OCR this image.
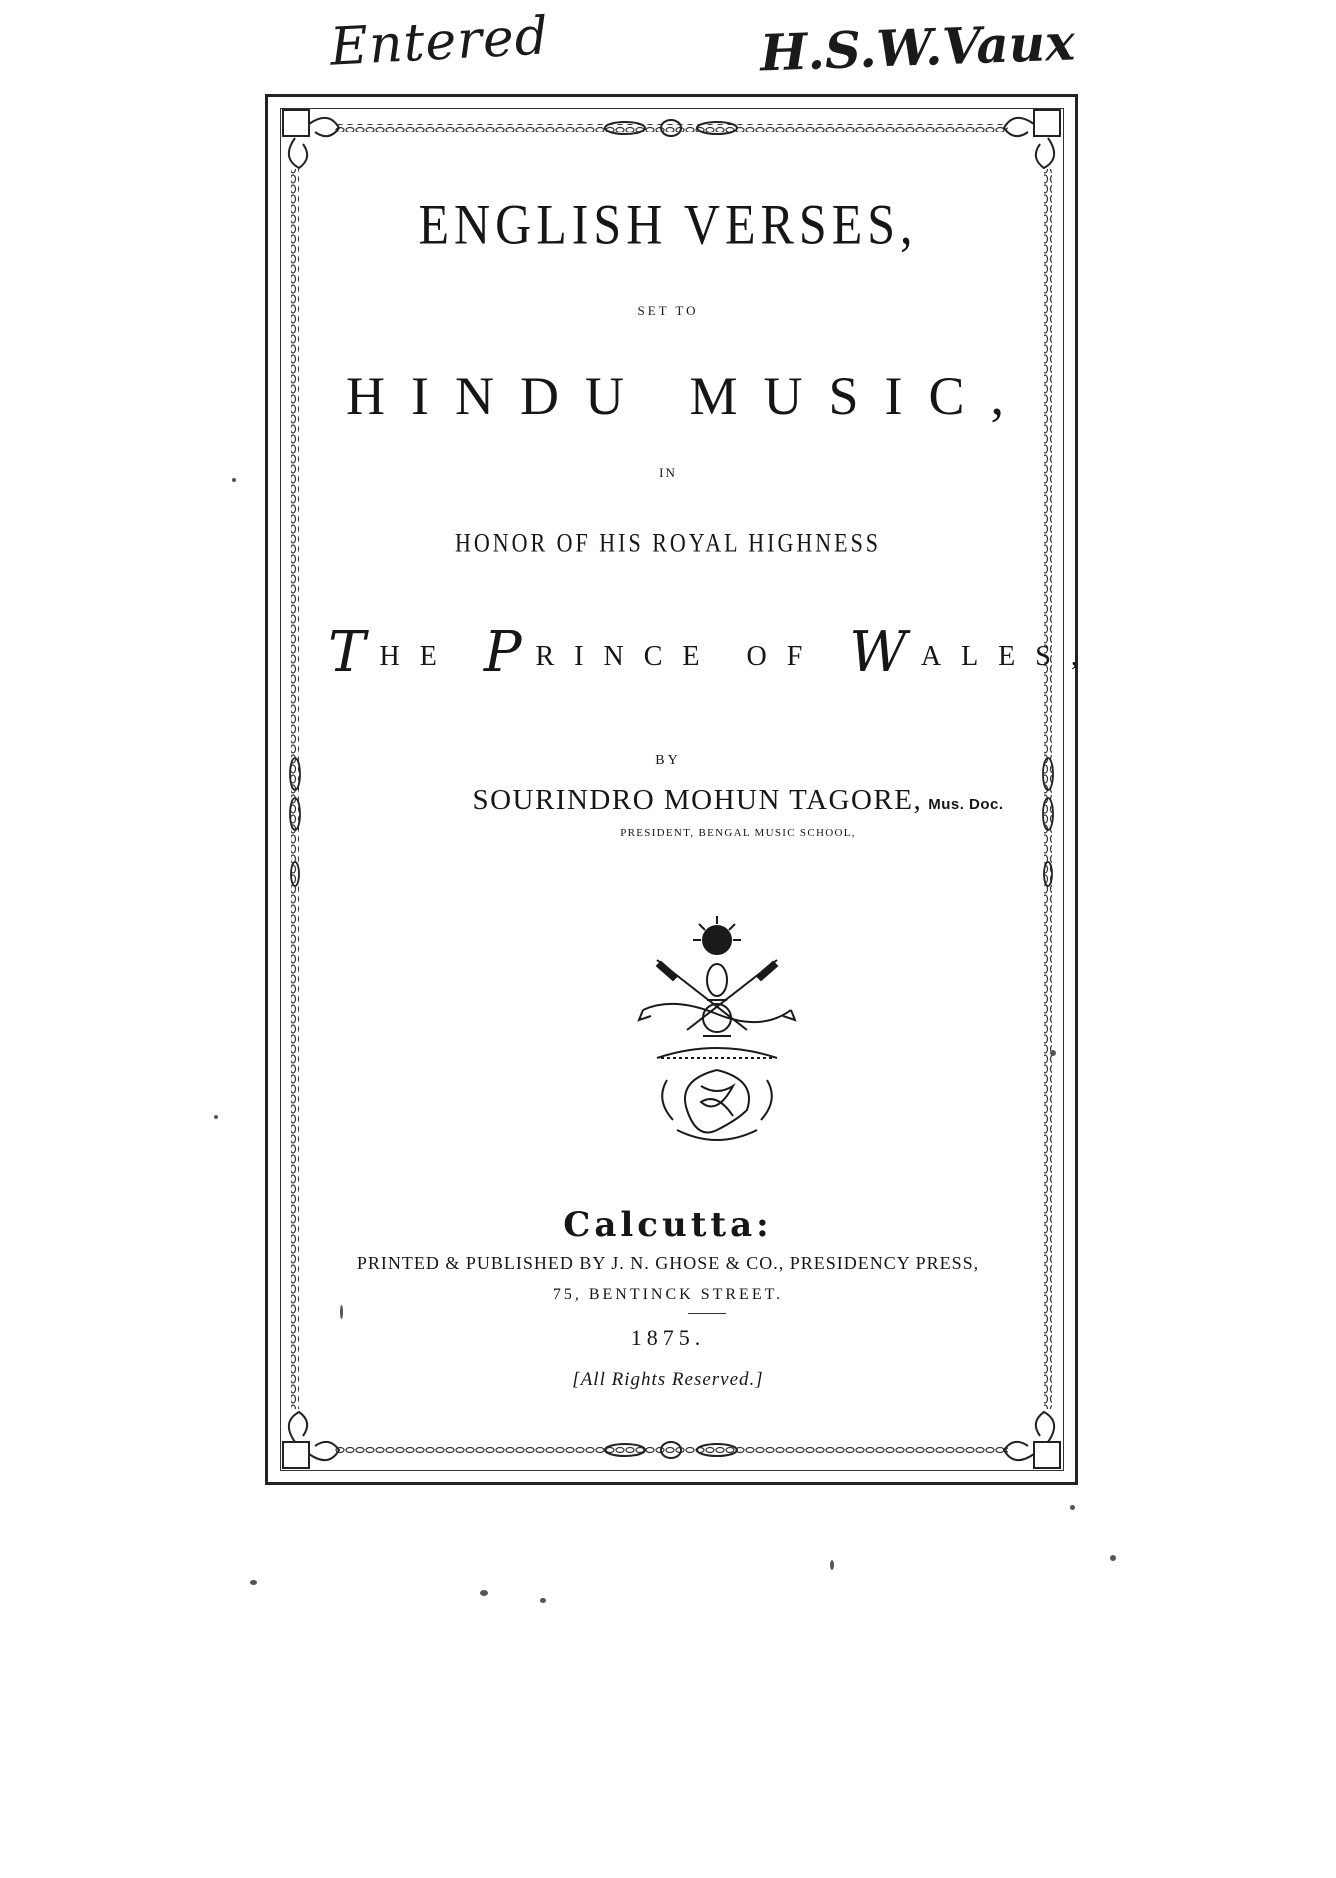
Entered	H.S.W.Vaux
ENGLISH VERSES,
SET TO
HINDU MUSIC,
IN
HONOR OF HIS ROYAL HIGHNESS
THE PRINCE OF WALES,
BY
SOURINDRO MOHUN TAGORE, Mus. Doc.
PRESIDENT, BENGAL MUSIC SCHOOL,
Calcutta:
PRINTED & PUBLISHED BY J. N. GHOSE & CO., PRESIDENCY PRESS,
75, BENTINCK STREET.
1875.
[All Rights Reserved.]
